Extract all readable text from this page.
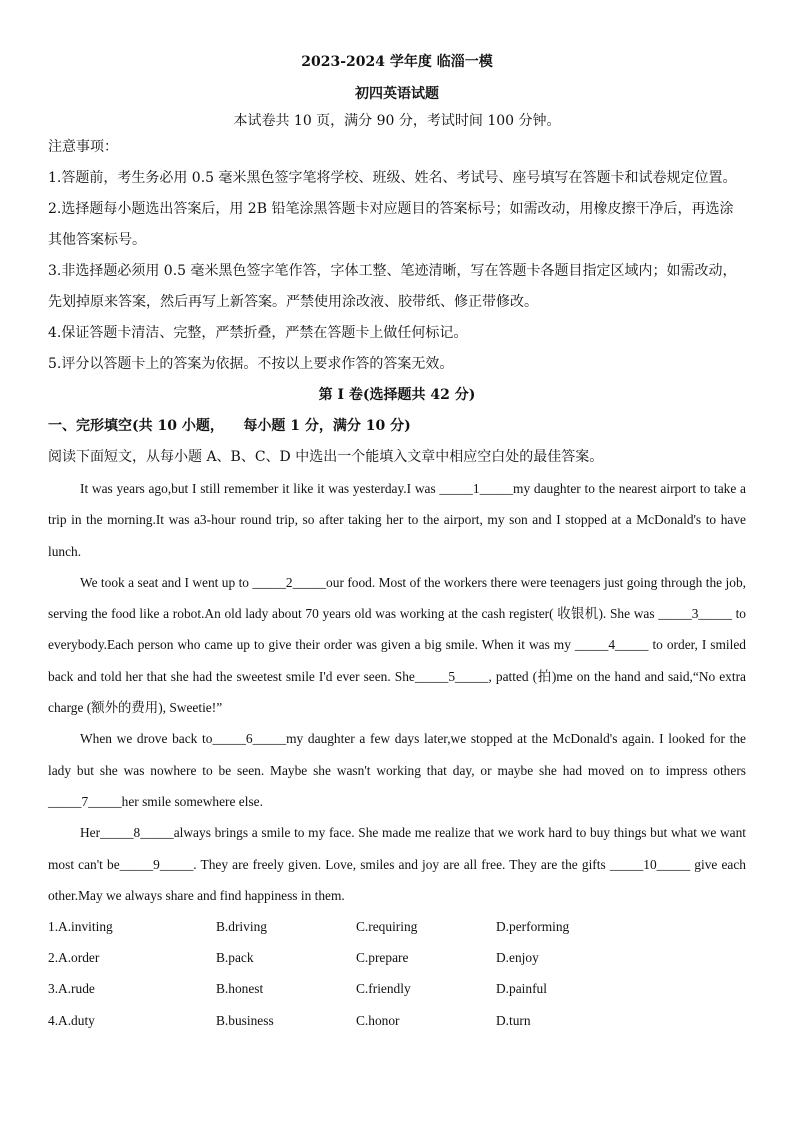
2023-2024 学年度 临淄一模
初四英语试题
本试卷共 10 页，满分 90 分，考试时间 100 分钟。
注意事项：
1.答题前，考生务必用 0.5 毫米黑色签字笔将学校、班级、姓名、考试号、座号填写在答题卡和试卷规定位置。
2.选择题每小题选出答案后，用 2B 铅笔涂黑答题卡对应题目的答案标号；如需改动，用橡皮擦干净后，再选涂其他答案标号。
3.非选择题必须用 0.5 毫米黑色签字笔作答，字体工整、笔迹清晰，写在答题卡各题目指定区域内；如需改动，先划掉原来答案，然后再写上新答案。严禁使用涂改液、胶带纸、修正带修改。
4.保证答题卡清洁、完整，严禁折叠，严禁在答题卡上做任何标记。
5.评分以答题卡上的答案为依据。不按以上要求作答的答案无效。
第 I 卷(选择题共 42 分)
一、完形填空(共 10 小题，    每小题 1 分，满分 10 分)
阅读下面短文，从每小题 A、B、C、D 中选出一个能填入文章中相应空白处的最佳答案。

It was years ago,but I still remember it like it was yesterday.I was _____1_____my daughter to the nearest airport to take a trip in the morning.It was a3-hour round trip, so after taking her to the airport, my son and I stopped at a McDonald's to have lunch.

We took a seat and I went up to _____2_____our food. Most of the workers there were teenagers just going through the job, serving the food like a robot.An old lady about 70 years old was working at the cash register( 收银机). She was _____3_____ to everybody.Each person who came up to give their order was given a big smile. When it was my _____4_____ to order, I smiled back and told her that she had the sweetest smile I'd ever seen. She_____5_____, patted (拍)me on the hand and said,“No extra charge (额外的费用), Sweetie!”

When we drove back to_____6_____my daughter a few days later,we stopped at the McDonald's again. I looked for the lady but she was nowhere to be seen. Maybe she wasn't working that day, or maybe she had moved on to impress others _____7_____her smile somewhere else.

Her_____8_____always brings a smile to my face. She made me realize that we work hard to buy things but what we want most can't be_____9_____. They are freely given. Love, smiles and joy are all free. They are the gifts _____10_____ give each other.May we always share and find happiness in them.

1.A.inviting	B.driving	C.requiring	D.performing
2.A.order	B.pack	C.prepare	D.enjoy
3.A.rude	B.honest	C.friendly	D.painful
4.A.duty	B.business	C.honor	D.turn
